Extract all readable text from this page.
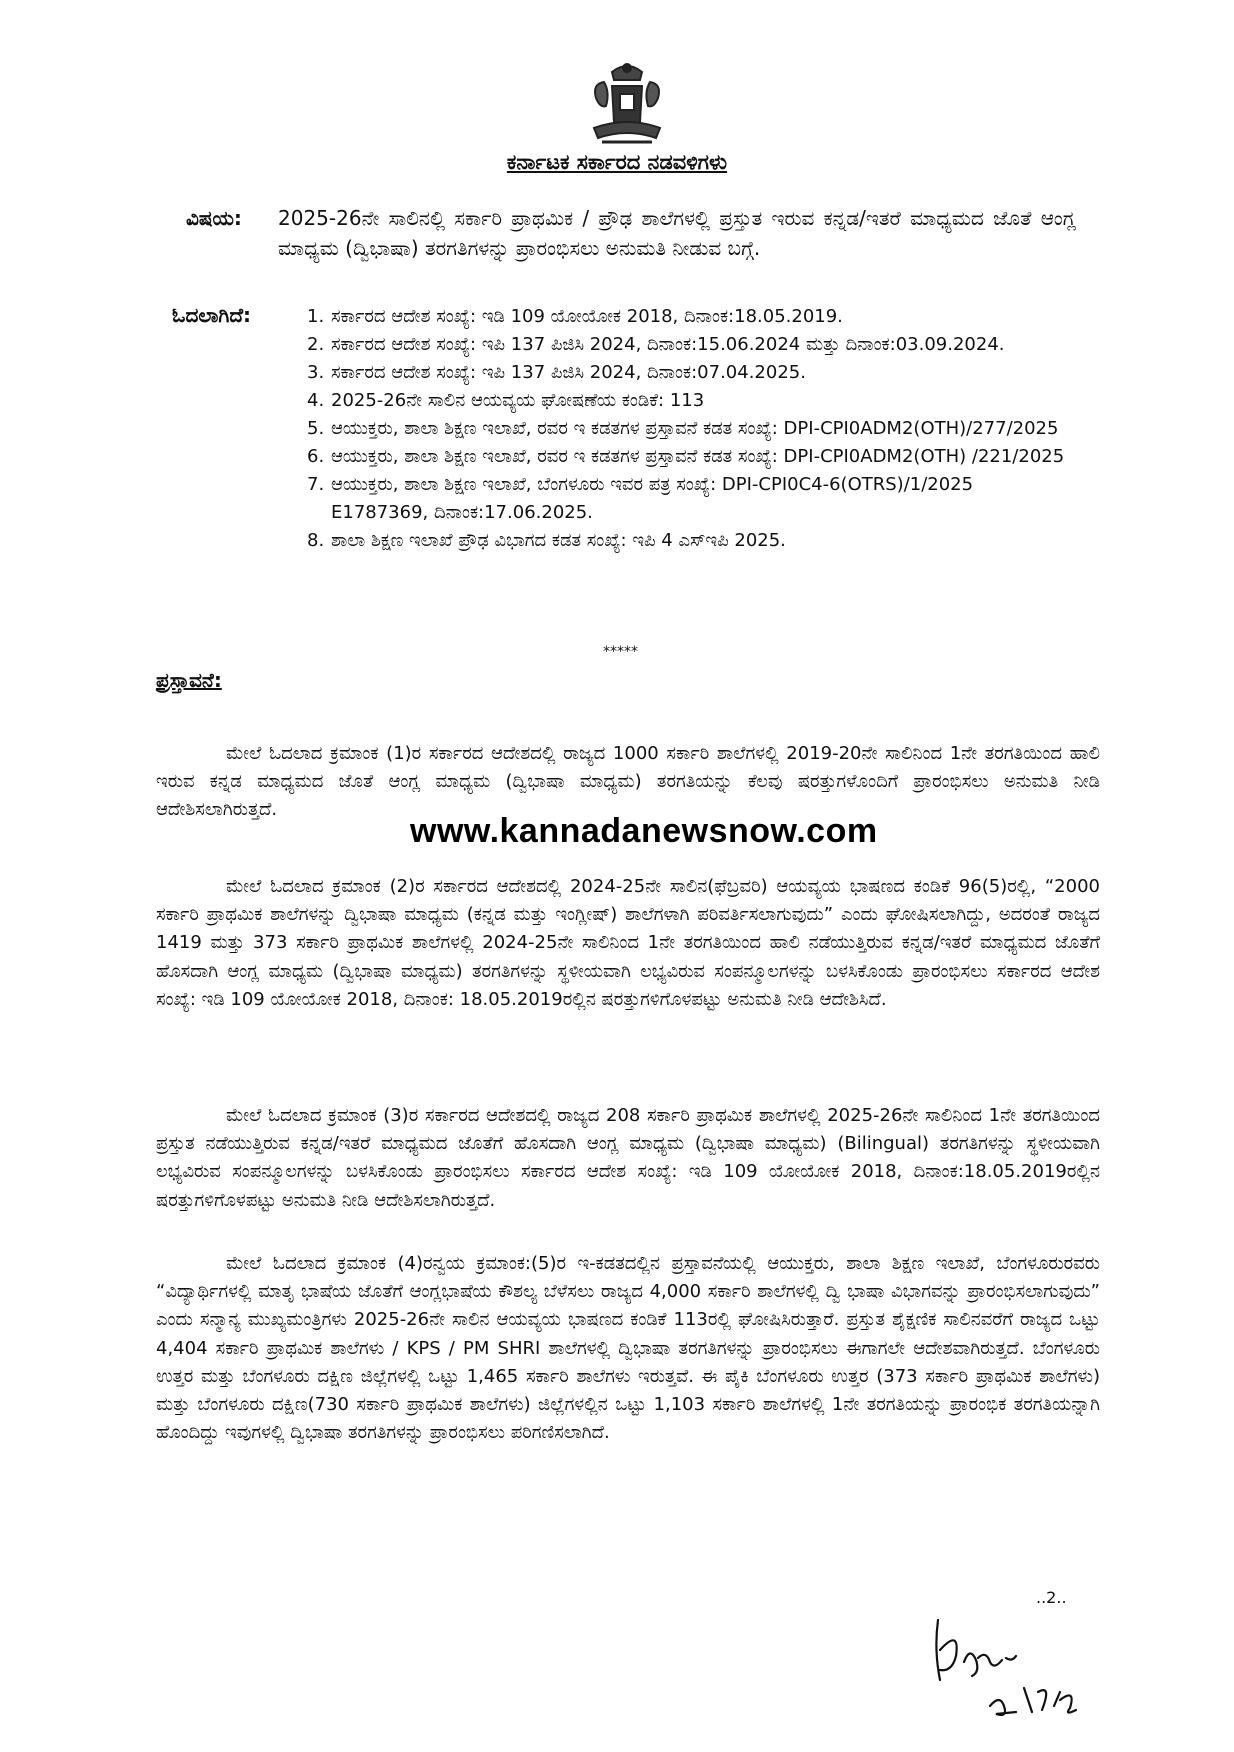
ಕರ್ನಾಟಕ ಸರ್ಕಾರದ ನಡವಳಿಗಳು
ವಿಷಯ: 2025-26ನೇ ಸಾಲಿನಲ್ಲಿ ಸರ್ಕಾರಿ ಪ್ರಾಥಮಿಕ / ಪ್ರೌಢ ಶಾಲೆಗಳಲ್ಲಿ ಪ್ರಸ್ತುತ ಇರುವ ಕನ್ನಡ/ಇತರೆ ಮಾಧ್ಯಮದ ಜೊತೆ ಆಂಗ್ಲ ಮಾಧ್ಯಮ (ದ್ವಿಭಾಷಾ) ತರಗತಿಗಳನ್ನು ಪ್ರಾರಂಭಿಸಲು ಅನುಮತಿ ನೀಡುವ ಬಗ್ಗೆ.
ಓದಲಾಗಿದೆ:	1. ಸರ್ಕಾರದ ಆದೇಶ ಸಂಖ್ಯೆ: ಇಡಿ 109 ಯೋಯೋಕ 2018, ದಿನಾಂಕ:18.05.2019.
2. ಸರ್ಕಾರದ ಆದೇಶ ಸಂಖ್ಯೆ: ಇಪಿ 137 ಪಿಜಿಸಿ 2024, ದಿನಾಂಕ:15.06.2024 ಮತ್ತು ದಿನಾಂಕ:03.09.2024.
3. ಸರ್ಕಾರದ ಆದೇಶ ಸಂಖ್ಯೆ: ಇಪಿ 137 ಪಿಜಿಸಿ 2024, ದಿನಾಂಕ:07.04.2025.
4. 2025-26ನೇ ಸಾಲಿನ ಆಯವ್ಯಯ ಘೋಷಣೆಯ ಕಂಡಿಕೆ: 113
5. ಆಯುಕ್ತರು, ಶಾಲಾ ಶಿಕ್ಷಣ ಇಲಾಖೆ, ರವರ ಇ ಕಡತಗಳ ಪ್ರಸ್ತಾವನೆ ಕಡತ ಸಂಖ್ಯೆ: DPI-CPI0ADM2(OTH)/277/2025
6. ಆಯುಕ್ತರು, ಶಾಲಾ ಶಿಕ್ಷಣ ಇಲಾಖೆ, ರವರ ಇ ಕಡತಗಳ ಪ್ರಸ್ತಾವನೆ ಕಡತ ಸಂಖ್ಯೆ: DPI-CPI0ADM2(OTH) /221/2025
7. ಆಯುಕ್ತರು, ಶಾಲಾ ಶಿಕ್ಷಣ ಇಲಾಖೆ, ಬೆಂಗಳೂರು ಇವರ ಪತ್ರ ಸಂಖ್ಯೆ: DPI-CPI0C4-6(OTRS)/1/2025 E1787369, ದಿನಾಂಕ:17.06.2025.
8. ಶಾಲಾ ಶಿಕ್ಷಣ ಇಲಾಖೆ ಪ್ರೌಢ ವಿಭಾಗದ ಕಡತ ಸಂಖ್ಯೆ: ಇಪಿ 4 ಎಸ್‌ಇಪಿ 2025.
*****
ಪ್ರಸ್ತಾವನೆ:

ಮೇಲೆ ಓದಲಾದ ಕ್ರಮಾಂಕ (1)ರ ಸರ್ಕಾರದ ಆದೇಶದಲ್ಲಿ ರಾಜ್ಯದ 1000 ಸರ್ಕಾರಿ ಶಾಲೆಗಳಲ್ಲಿ 2019-20ನೇ ಸಾಲಿನಿಂದ 1ನೇ ತರಗತಿಯಿಂದ ಹಾಲಿ ಇರುವ ಕನ್ನಡ ಮಾಧ್ಯಮದ ಜೊತೆ ಆಂಗ್ಲ ಮಾಧ್ಯಮ (ದ್ವಿಭಾಷಾ ಮಾಧ್ಯಮ) ತರಗತಿಯನ್ನು ಕೆಲವು ಷರತ್ತುಗಳೊಂದಿಗೆ ಪ್ರಾರಂಭಿಸಲು ಅನುಮತಿ ನೀಡಿ ಆದೇಶಿಸಲಾಗಿರುತ್ತದೆ.

www.kannadanewsnow.com

ಮೇಲೆ ಓದಲಾದ ಕ್ರಮಾಂಕ (2)ರ ಸರ್ಕಾರದ ಆದೇಶದಲ್ಲಿ 2024-25ನೇ ಸಾಲಿನ(ಫೆಬ್ರವರಿ) ಆಯವ್ಯಯ ಭಾಷಣದ ಕಂಡಿಕೆ 96(5)ರಲ್ಲಿ, “2000 ಸರ್ಕಾರಿ ಪ್ರಾಥಮಿಕ ಶಾಲೆಗಳನ್ನು ದ್ವಿಭಾಷಾ ಮಾಧ್ಯಮ (ಕನ್ನಡ ಮತ್ತು ಇಂಗ್ಲೀಷ್) ಶಾಲೆಗಳಾಗಿ ಪರಿವರ್ತಿಸಲಾಗುವುದು” ಎಂದು ಘೋಷಿಸಲಾಗಿದ್ದು, ಅದರಂತೆ ರಾಜ್ಯದ 1419 ಮತ್ತು 373 ಸರ್ಕಾರಿ ಪ್ರಾಥಮಿಕ ಶಾಲೆಗಳಲ್ಲಿ 2024-25ನೇ ಸಾಲಿನಿಂದ 1ನೇ ತರಗತಿಯಿಂದ ಹಾಲಿ ನಡೆಯುತ್ತಿರುವ ಕನ್ನಡ/ಇತರೆ ಮಾಧ್ಯಮದ ಜೊತೆಗೆ ಹೊಸದಾಗಿ ಆಂಗ್ಲ ಮಾಧ್ಯಮ (ದ್ವಿಭಾಷಾ ಮಾಧ್ಯಮ) ತರಗತಿಗಳನ್ನು ಸ್ಥಳೀಯವಾಗಿ ಲಭ್ಯವಿರುವ ಸಂಪನ್ಮೂಲಗಳನ್ನು ಬಳಸಿಕೊಂಡು ಪ್ರಾರಂಭಿಸಲು ಸರ್ಕಾರದ ಆದೇಶ ಸಂಖ್ಯೆ: ಇಡಿ 109 ಯೋಯೋಕ 2018, ದಿನಾಂಕ: 18.05.2019ರಲ್ಲಿನ ಷರತ್ತುಗಳಿಗೊಳಪಟ್ಟು ಅನುಮತಿ ನೀಡಿ ಆದೇಶಿಸಿದೆ.

ಮೇಲೆ ಓದಲಾದ ಕ್ರಮಾಂಕ (3)ರ ಸರ್ಕಾರದ ಆದೇಶದಲ್ಲಿ ರಾಜ್ಯದ 208 ಸರ್ಕಾರಿ ಪ್ರಾಥಮಿಕ ಶಾಲೆಗಳಲ್ಲಿ 2025-26ನೇ ಸಾಲಿನಿಂದ 1ನೇ ತರಗತಿಯಿಂದ ಪ್ರಸ್ತುತ ನಡೆಯುತ್ತಿರುವ ಕನ್ನಡ/ಇತರೆ ಮಾಧ್ಯಮದ ಜೊತೆಗೆ ಹೊಸದಾಗಿ ಆಂಗ್ಲ ಮಾಧ್ಯಮ (ದ್ವಿಭಾಷಾ ಮಾಧ್ಯಮ) (Bilingual) ತರಗತಿಗಳನ್ನು ಸ್ಥಳೀಯವಾಗಿ ಲಭ್ಯವಿರುವ ಸಂಪನ್ಮೂಲಗಳನ್ನು ಬಳಸಿಕೊಂಡು ಪ್ರಾರಂಭಿಸಲು ಸರ್ಕಾರದ ಆದೇಶ ಸಂಖ್ಯೆ: ಇಡಿ 109 ಯೋಯೋಕ 2018, ದಿನಾಂಕ:18.05.2019ರಲ್ಲಿನ ಷರತ್ತುಗಳಿಗೊಳಪಟ್ಟು ಅನುಮತಿ ನೀಡಿ ಆದೇಶಿಸಲಾಗಿರುತ್ತದೆ.

ಮೇಲೆ ಓದಲಾದ ಕ್ರಮಾಂಕ (4)ರನ್ವಯ ಕ್ರಮಾಂಕ:(5)ರ ಇ-ಕಡತದಲ್ಲಿನ ಪ್ರಸ್ತಾವನೆಯಲ್ಲಿ ಆಯುಕ್ತರು, ಶಾಲಾ ಶಿಕ್ಷಣ ಇಲಾಖೆ, ಬೆಂಗಳೂರುರವರು “ವಿದ್ಯಾರ್ಥಿಗಳಲ್ಲಿ ಮಾತೃ ಭಾಷೆಯ ಜೊತೆಗೆ ಆಂಗ್ಲಭಾಷೆಯ ಕೌಶಲ್ಯ ಬೆಳೆಸಲು ರಾಜ್ಯದ 4,000 ಸರ್ಕಾರಿ ಶಾಲೆಗಳಲ್ಲಿ ದ್ವಿ ಭಾಷಾ ವಿಭಾಗವನ್ನು ಪ್ರಾರಂಭಿಸಲಾಗುವುದು” ಎಂದು ಸನ್ಮಾನ್ಯ ಮುಖ್ಯಮಂತ್ರಿಗಳು 2025-26ನೇ ಸಾಲಿನ ಆಯವ್ಯಯ ಭಾಷಣದ ಕಂಡಿಕೆ 113ರಲ್ಲಿ ಘೋಷಿಸಿರುತ್ತಾರೆ. ಪ್ರಸ್ತುತ ಶೈಕ್ಷಣಿಕ ಸಾಲಿನವರೆಗೆ ರಾಜ್ಯದ ಒಟ್ಟು 4,404 ಸರ್ಕಾರಿ ಪ್ರಾಥಮಿಕ ಶಾಲೆಗಳು / KPS / PM SHRI ಶಾಲೆಗಳಲ್ಲಿ ದ್ವಿಭಾಷಾ ತರಗತಿಗಳನ್ನು ಪ್ರಾರಂಭಿಸಲು ಈಗಾಗಲೇ ಆದೇಶವಾಗಿರುತ್ತದೆ. ಬೆಂಗಳೂರು ಉತ್ತರ ಮತ್ತು ಬೆಂಗಳೂರು ದಕ್ಷಿಣ ಜಿಲ್ಲೆಗಳಲ್ಲಿ ಒಟ್ಟು 1,465 ಸರ್ಕಾರಿ ಶಾಲೆಗಳು ಇರುತ್ತವೆ. ಈ ಪೈಕಿ ಬೆಂಗಳೂರು ಉತ್ತರ (373 ಸರ್ಕಾರಿ ಪ್ರಾಥಮಿಕ ಶಾಲೆಗಳು) ಮತ್ತು ಬೆಂಗಳೂರು ದಕ್ಷಿಣ(730 ಸರ್ಕಾರಿ ಪ್ರಾಥಮಿಕ ಶಾಲೆಗಳು) ಜಿಲ್ಲೆಗಳಲ್ಲಿನ ಒಟ್ಟು 1,103 ಸರ್ಕಾರಿ ಶಾಲೆಗಳಲ್ಲಿ 1ನೇ ತರಗತಿಯನ್ನು ಪ್ರಾರಂಭಿಕ ತರಗತಿಯನ್ನಾಗಿ ಹೊಂದಿದ್ದು ಇವುಗಳಲ್ಲಿ ದ್ವಿಭಾಷಾ ತರಗತಿಗಳನ್ನು ಪ್ರಾರಂಭಿಸಲು ಪರಿಗಣಿಸಲಾಗಿದೆ.

..2..
